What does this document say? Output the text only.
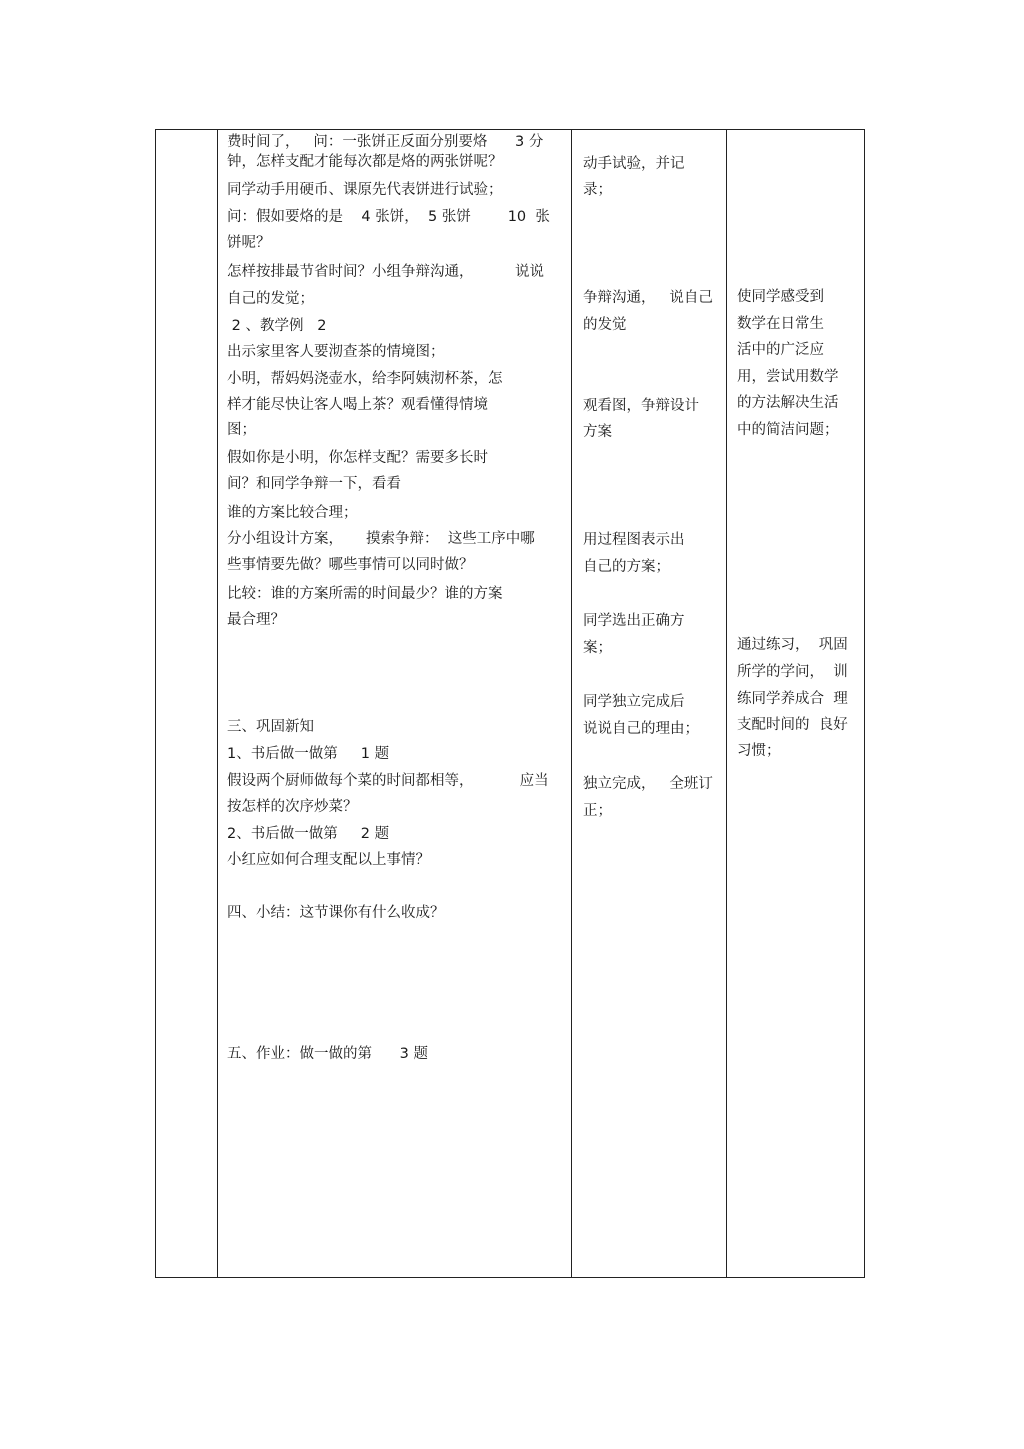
费时间了，   问：一张饼正反面分别要烙      3 分

钟，怎样支配才能每次都是烙的两张饼呢？

同学动手用硬币、课原先代表饼进行试验；

问：假如要烙的是    4 张饼，  5 张饼        10  张

饼呢？

怎样按排最节省时间？小组争辩沟通，         说说

自己的发觉；

2 、教学例   2

出示家里客人要沏查茶的情境图；

小明，帮妈妈浇壶水，给李阿姨沏杯茶，怎

样才能尽快让客人喝上茶？观看懂得情境

图；

假如你是小明，你怎样支配？需要多长时

间？和同学争辩一下，看看

谁的方案比较合理；

分小组设计方案，     摸索争辩：  这些工序中哪

些事情要先做？哪些事情可以同时做？

比较：谁的方案所需的时间最少？谁的方案

最合理？

三、巩固新知

1、书后做一做第     1 题

假设两个厨师做每个菜的时间都相等，          应当

按怎样的次序炒菜？

2、书后做一做第     2 题

小红应如何合理支配以上事情？

四、小结：这节课你有什么收成？

五、作业：做一做的第      3 题

动手试验，并记

录；

争辩沟通，   说自己

的发觉

观看图，争辩设计

方案

用过程图表示出

自己的方案；

同学选出正确方

案；

同学独立完成后

说说自己的理由；

独立完成，   全班订

正；

使同学感受到

数学在日常生

活中的广泛应

用，尝试用数学

的方法解决生活

中的简洁问题；

通过练习，  巩固

所学的学问，  训

练同学养成合  理

支配时间的  良好

习惯；
